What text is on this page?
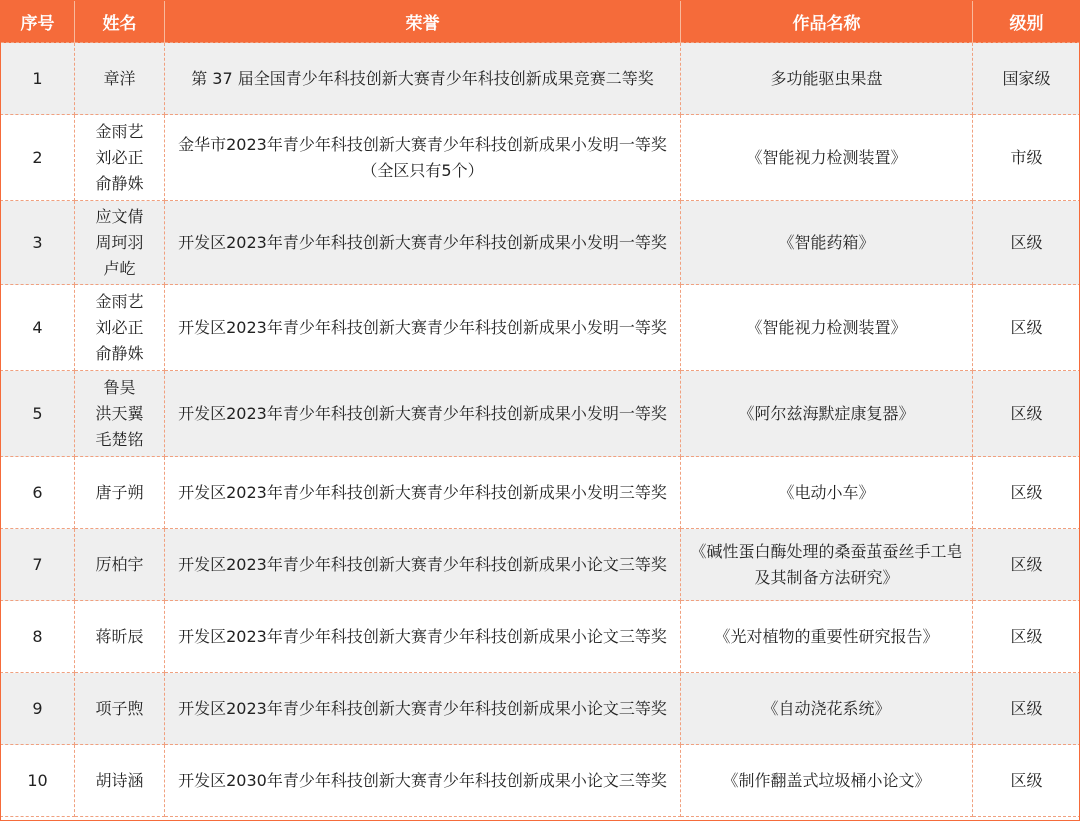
序号	姓名	荣誉	作品名称	级别
1	章洋	第 37 届全国青少年科技创新大赛青少年科技创新成果竞赛二等奖	多功能驱虫果盘	国家级
2	金雨艺
刘必正
俞静姝	金华市2023年青少年科技创新大赛青少年科技创新成果小发明一等奖（全区只有5个）	《智能视力检测装置》	市级
3	应文倩
周珂羽
卢屹	开发区2023年青少年科技创新大赛青少年科技创新成果小发明一等奖	《智能药箱》	区级
4	金雨艺
刘必正
俞静姝	开发区2023年青少年科技创新大赛青少年科技创新成果小发明一等奖	《智能视力检测装置》	区级
5	鲁昊
洪天翼
毛楚铭	开发区2023年青少年科技创新大赛青少年科技创新成果小发明一等奖	《阿尔兹海默症康复器》	区级
6	唐子朔	开发区2023年青少年科技创新大赛青少年科技创新成果小发明三等奖	《电动小车》	区级
7	厉柏宇	开发区2023年青少年科技创新大赛青少年科技创新成果小论文三等奖	《碱性蛋白酶处理的桑蚕茧蚕丝手工皂及其制备方法研究》	区级
8	蒋昕辰	开发区2023年青少年科技创新大赛青少年科技创新成果小论文三等奖	《光对植物的重要性研究报告》	区级
9	项子煦	开发区2023年青少年科技创新大赛青少年科技创新成果小论文三等奖	《自动浇花系统》	区级
10	胡诗涵	开发区2030年青少年科技创新大赛青少年科技创新成果小论文三等奖	《制作翻盖式垃圾桶小论文》	区级
